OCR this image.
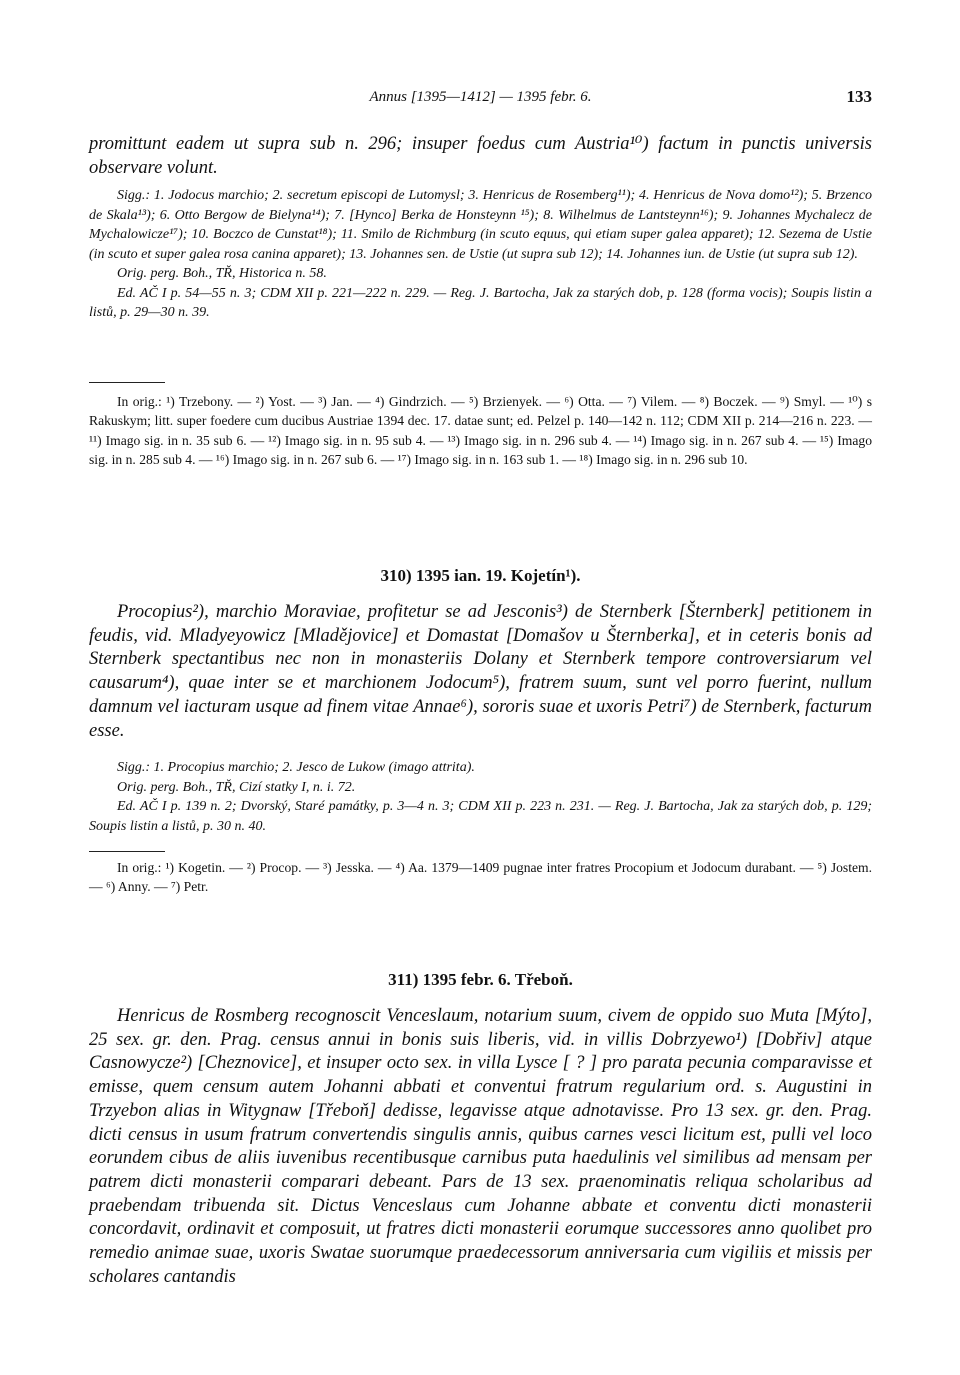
Annus [1395—1412] — 1395 febr. 6.	133

promittunt eadem ut supra sub n. 296; insuper foedus cum Austria¹⁰) factum in punctis universis observare volunt.

Sigg.: 1. Jodocus marchio; 2. secretum episcopi de Lutomysl; 3. Henricus de Rosemberg¹¹); 4. Henricus de Nova domo¹²); 5. Brzenco de Skala¹³); 6. Otto Bergow de Bielyna¹⁴); 7. [Hynco] Berka de Honsteynn ¹⁵); 8. Wilhelmus de Lantsteynn¹⁶); 9. Johannes Mychalecz de Mychalowicze¹⁷); 10. Boczco de Cunstat¹⁸); 11. Smilo de Richmburg (in scuto equus, qui etiam super galea apparet); 12. Sezema de Ustie (in scuto et super galea rosa canina apparet); 13. Johannes sen. de Ustie (ut supra sub 12); 14. Johannes iun. de Ustie (ut supra sub 12).

Orig. perg. Boh., TŘ, Historica n. 58.

Ed. AČ I p. 54—55 n. 3; CDM XII p. 221—222 n. 229. — Reg. J. Bartocha, Jak za starých dob, p. 128 (forma vocis); Soupis listin a listů, p. 29—30 n. 39.

In orig.: ¹) Trzebony. — ²) Yost. — ³) Jan. — ⁴) Gindrzich. — ⁵) Brzienyek. — ⁶) Otta. — ⁷) Vilem. — ⁸) Boczek. — ⁹) Smyl. — ¹⁰) s Rakuskym; litt. super foedere cum ducibus Austriae 1394 dec. 17. datae sunt; ed. Pelzel p. 140—142 n. 112; CDM XII p. 214—216 n. 223. — ¹¹) Imago sig. in n. 35 sub 6. — ¹²) Imago sig. in n. 95 sub 4. — ¹³) Imago sig. in n. 296 sub 4. — ¹⁴) Imago sig. in n. 267 sub 4. — ¹⁵) Imago sig. in n. 285 sub 4. — ¹⁶) Imago sig. in n. 267 sub 6. — ¹⁷) Imago sig. in n. 163 sub 1. — ¹⁸) Imago sig. in n. 296 sub 10.

310) 1395 ian. 19. Kojetín¹).

Procopius²), marchio Moraviae, profitetur se ad Jesconis³) de Sternberk [Šternberk] petitionem in feudis, vid. Mladyeyowicz [Mladějovice] et Domastat [Domašov u Šternberka], et in ceteris bonis ad Sternberk spectantibus nec non in monasteriis Dolany et Sternberk tempore controversiarum vel causarum⁴), quae inter se et marchionem Jodocum⁵), fratrem suum, sunt vel porro fuerint, nullum damnum vel iacturam usque ad finem vitae Annae⁶), sororis suae et uxoris Petri⁷) de Sternberk, facturum esse.

Sigg.: 1. Procopius marchio; 2. Jesco de Lukow (imago attrita).

Orig. perg. Boh., TŘ, Cizí statky I, n. i. 72.

Ed. AČ I p. 139 n. 2; Dvorský, Staré památky, p. 3—4 n. 3; CDM XII p. 223 n. 231. — Reg. J. Bartocha, Jak za starých dob, p. 129; Soupis listin a listů, p. 30 n. 40.

In orig.: ¹) Kogetin. — ²) Procop. — ³) Jesska. — ⁴) Aa. 1379—1409 pugnae inter fratres Procopium et Jodocum durabant. — ⁵) Jostem. — ⁶) Anny. — ⁷) Petr.

311) 1395 febr. 6. Třeboň.

Henricus de Rosmberg recognoscit Venceslaum, notarium suum, civem de oppido suo Muta [Mýto], 25 sex. gr. den. Prag. census annui in bonis suis liberis, vid. in villis Dobrzyewo¹) [Dobřiv] atque Casnowycze²) [Cheznovice], et insuper octo sex. in villa Lysce [ ? ] pro parata pecunia comparavisse et emisse, quem censum autem Johanni abbati et conventui fratrum regularium ord. s. Augustini in Trzyebon alias in Witygnaw [Třeboň] dedisse, legavisse atque adnotavisse. Pro 13 sex. gr. den. Prag. dicti census in usum fratrum convertendis singulis annis, quibus carnes vesci licitum est, pulli vel loco eorundem cibus de aliis iuvenibus recentibusque carnibus puta haedulinis vel similibus ad mensam per patrem dicti monasterii comparari debeant. Pars de 13 sex. praenominatis reliqua scholaribus ad praebendam tribuenda sit. Dictus Venceslaus cum Johanne abbate et conventu dicti monasterii concordavit, ordinavit et composuit, ut fratres dicti monasterii eorumque successores anno quolibet pro remedio animae suae, uxoris Swatae suorumque praedecessorum anniversaria cum vigiliis et missis per scholares cantandis
